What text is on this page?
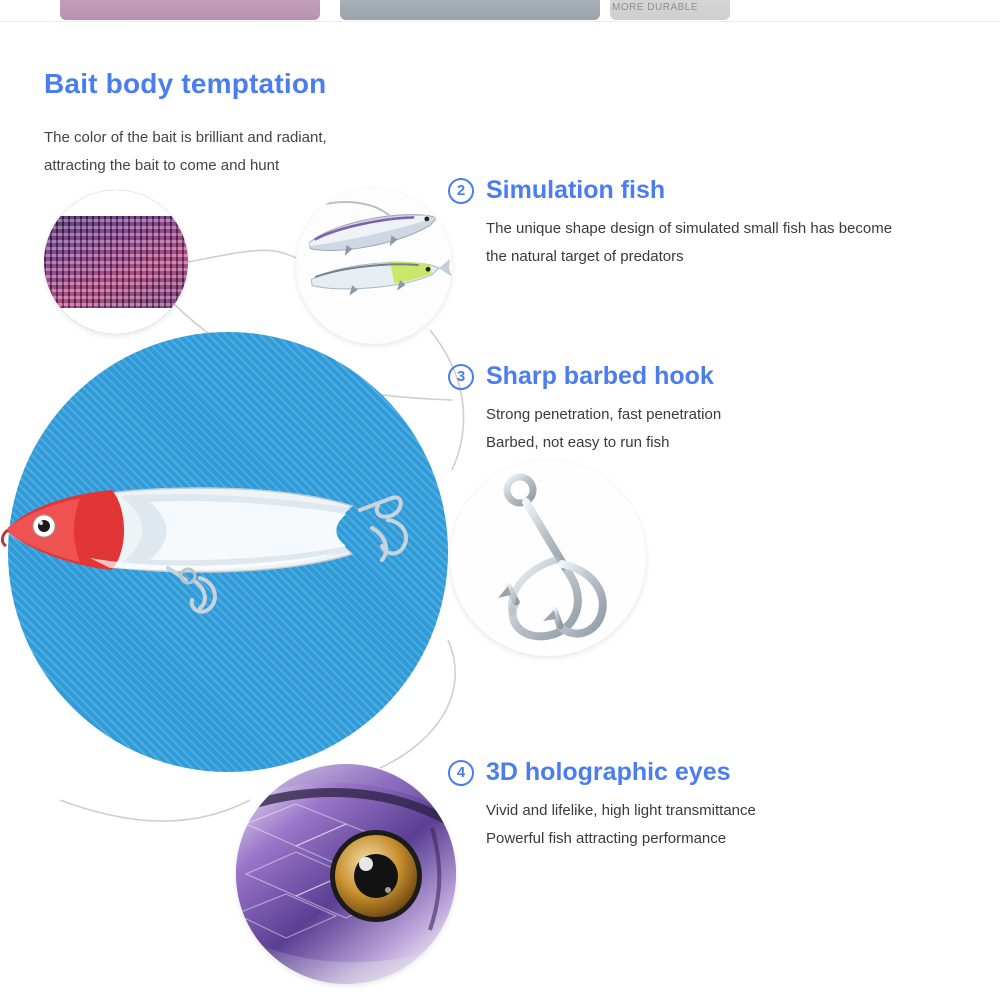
MORE DURABLE
Bait body temptation
The color of the bait is brilliant and radiant,
attracting the bait to come and hunt
2 Simulation fish
The unique shape design of simulated small fish has become
the natural target of predators
3 Sharp barbed hook
Strong penetration, fast penetration
Barbed, not easy to run fish
4 3D holographic eyes
Vivid and lifelike, high light transmittance
Powerful fish attracting performance
